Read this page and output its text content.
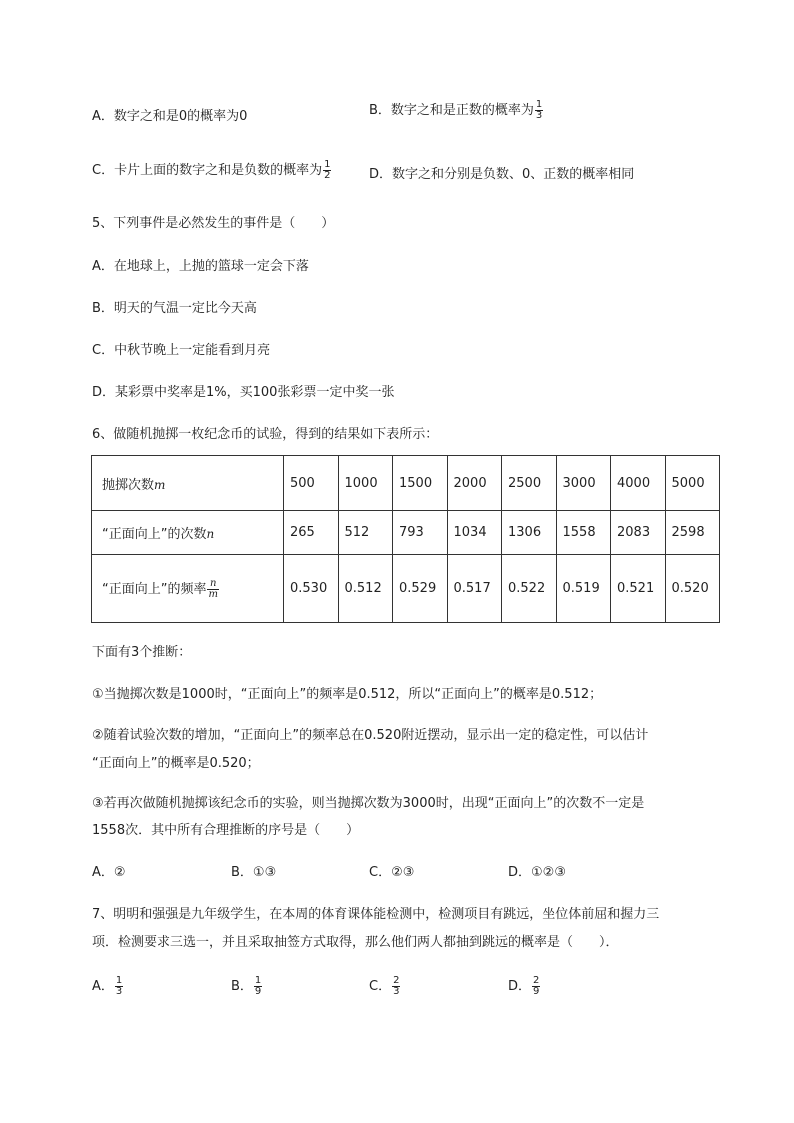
A．数字之和是0的概率为0	B．数字之和是正数的概率为 $\frac{1}{3}$
C．卡片上面的数字之和是负数的概率为 $\frac{1}{2}$	D．数字之和分别是负数、0、正数的概率相同
5、下列事件是必然发生的事件是（　　）
A．在地球上，上抛的篮球一定会下落
B．明天的气温一定比今天高
C．中秋节晚上一定能看到月亮
D．某彩票中奖率是1%，买100张彩票一定中奖一张
6、做随机抛掷一枚纪念币的试验，得到的结果如下表所示：
抛掷次数m	500	1000	1500	2000	2500	3000	4000	5000
“正面向上”的次数n	265	512	793	1034	1306	1558	2083	2598
“正面向上”的频率 $\frac{n}{m}$	0.530	0.512	0.529	0.517	0.522	0.519	0.521	0.520
下面有3个推断：
①当抛掷次数是1000时，“正面向上”的频率是0.512，所以“正面向上”的概率是0.512；
②随着试验次数的增加，“正面向上”的频率总在0.520附近摆动，显示出一定的稳定性，可以估计
“正面向上”的概率是0.520；
③若再次做随机抛掷该纪念币的实验，则当抛掷次数为3000时，出现“正面向上”的次数不一定是
1558次．其中所有合理推断的序号是（　　）
A．②	B．①③	C．②③	D．①②③
7、明明和强强是九年级学生，在本周的体育课体能检测中，检测项目有跳远，坐位体前屈和握力三
项．检测要求三选一，并且采取抽签方式取得，那么他们两人都抽到跳远的概率是（　　）．
A． $\frac{1}{3}$	B． $\frac{1}{9}$	C． $\frac{2}{3}$	D． $\frac{2}{9}$
